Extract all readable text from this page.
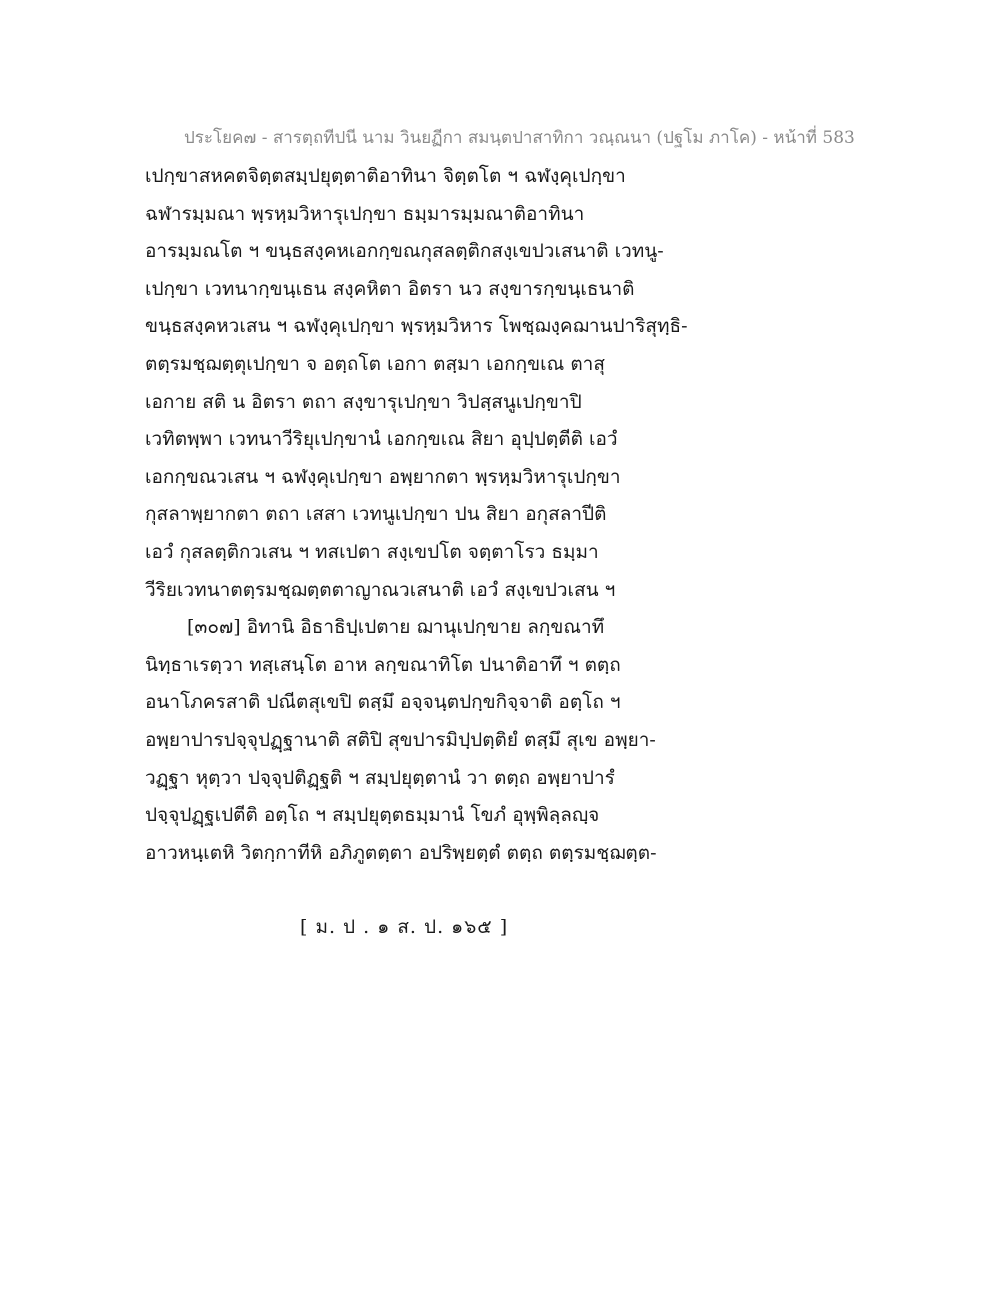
ประโยค๗ - สารตฺถทีปนี นาม วินยฏีกา สมนฺตปาสาทิกา วณฺณนา (ปฐโม ภาโค) - หน้าที่ 583
เปกฺขาสหคตจิตฺตสมฺปยุตฺตาติอาทินา จิตฺตโต ฯ ฉฬงฺคุเปกฺขา
ฉฬารมฺมณา พฺรหฺมวิหารุเปกฺขา ธมฺมารมฺมณาติอาทินา
อารมฺมณโต ฯ ขนฺธสงฺคหเอกกฺขณกุสลตฺติกสงฺเขปวเสนาติ เวทนู-
เปกฺขา เวทนากฺขนฺเธน สงฺคหิตา อิตรา นว สงฺขารกฺขนฺเธนาติ
ขนฺธสงฺคหวเสน ฯ ฉฬงฺคุเปกฺขา พฺรหฺมวิหาร โพชฺฌงฺคฌานปาริสุทฺธิ-
ตตฺรมชฺฌตฺตุเปกฺขา จ อตฺถโต เอกา ตสฺมา เอกกฺขเณ ตาสุ
เอกาย สติ น อิตรา ตถา สงฺขารุเปกฺขา วิปสฺสนูเปกฺขาปิ
เวทิตพฺพา เวทนาวีริยุเปกฺขานํ เอกกฺขเณ สิยา อุปฺปตฺตีติ เอวํ
เอกกฺขณวเสน ฯ ฉฬงฺคุเปกฺขา อพฺยากตา พฺรหฺมวิหารุเปกฺขา
กุสลาพฺยากตา ตถา เสสา เวทนูเปกฺขา ปน สิยา อกุสลาปีติ
เอวํ กุสลตฺติกวเสน ฯ ทสเปตา สงฺเขปโต จตฺตาโรว ธมฺมา
วีริยเวทนาตตฺรมชฺฌตฺตตาญาณวเสนาติ เอวํ สงฺเขปวเสน ฯ
[๓๐๗] อิทานิ อิธาธิปฺเปตาย ฌานุเปกฺขาย ลกฺขณาทึ
นิทฺธาเรตฺวา ทสฺเสนฺโต อาห ลกฺขณาทิโต ปนาติอาทึ ฯ ตตฺถ
อนาโภครสาติ ปณีตสุเขปิ ตสฺมึ อจฺจนฺตปกฺขกิจฺจาติ อตฺโถ ฯ
อพฺยาปารปจฺจุปฏฺฐานาติ สติปิ สุขปารมิปฺปตฺติยํ ตสฺมึ สุเข อพฺยา-
วฏฺฐา หุตฺวา ปจฺจุปติฏฺฐติ ฯ สมฺปยุตฺตานํ วา ตตฺถ อพฺยาปารํ
ปจฺจุปฏฺฐเปตีติ อตฺโถ ฯ สมฺปยุตฺตธมฺมานํ โขภํ อุพฺพิลฺลญฺจ
อาวหนฺเตหิ วิตกฺกาทีหิ อภิภูตตฺตา อปริพฺยตฺตํ ตตฺถ ตตฺรมชฺฌตฺต-
[ ม. ป . ๑ ส. ป. ๑๖๕ ]
